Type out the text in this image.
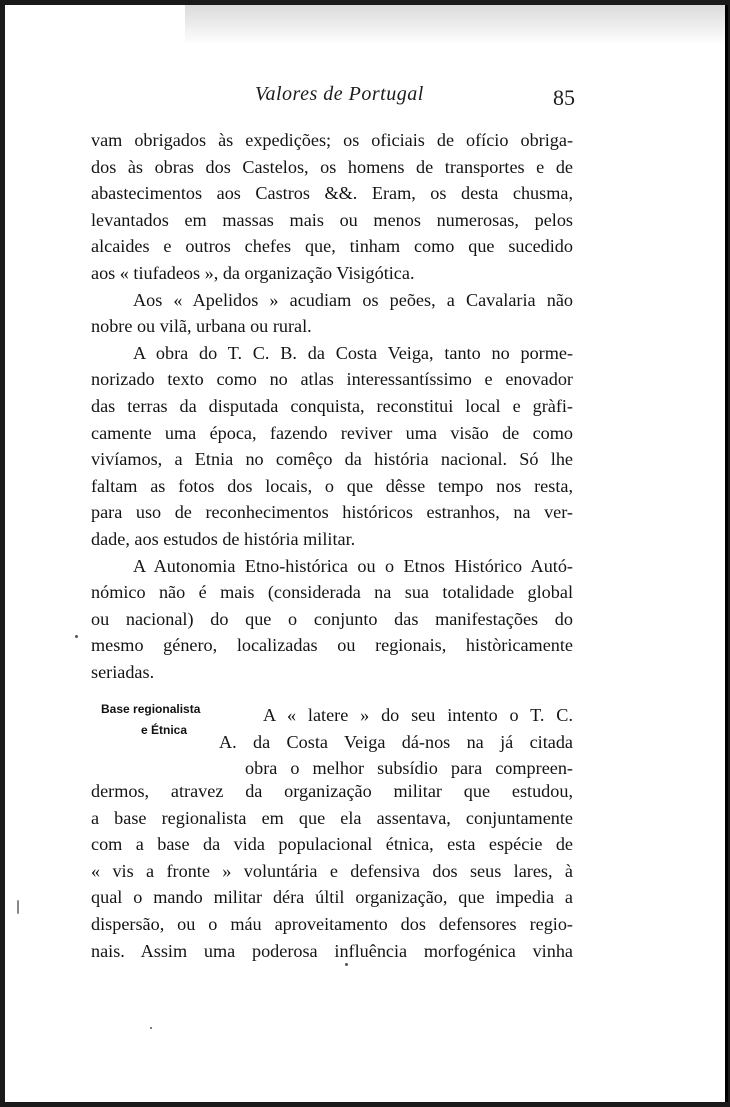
Valores de Portugal	85

vam obrigados às expedições; os oficiais de ofício obriga-
dos às obras dos Castelos, os homens de transportes e de
abastecimentos aos Castros &&. Eram, os desta chusma,
levantados em massas mais ou menos numerosas, pelos
alcaides e outros chefes que, tinham como que sucedido
aos « tiufadeos », da organização Visigótica.

Aos « Apelidos » acudiam os peões, a Cavalaria não
nobre ou vilã, urbana ou rural.

A obra do T. C. B. da Costa Veiga, tanto no porme-
norizado texto como no atlas interessantíssimo e enovador
das terras da disputada conquista, reconstitui local e gràfi-
camente uma época, fazendo reviver uma visão de como
vivíamos, a Etnia no comêço da história nacional. Só lhe
faltam as fotos dos locais, o que dêsse tempo nos resta,
para uso de reconhecimentos históricos estranhos, na ver-
dade, aos estudos de história militar.

A Autonomia Etno-histórica ou o Etnos Histórico Autó-
nómico não é mais (considerada na sua totalidade global
ou nacional) do que o conjunto das manifestações do
mesmo género, localizadas ou regionais, històricamente
seriadas.

Base regionalista
e Étnica
A « latere » do seu intento o T. C.
A. da Costa Veiga dá-nos na já citada
obra o melhor subsídio para compreen-
dermos, atravez da organização militar que estudou,
a base regionalista em que ela assentava, conjuntamente
com a base da vida populacional étnica, esta espécie de
« vis a fronte » voluntária e defensiva dos seus lares, à
qual o mando militar déra últil organização, que impedia a
dispersão, ou o máu aproveitamento dos defensores regio-
nais. Assim uma poderosa influência morfogénica vinha
